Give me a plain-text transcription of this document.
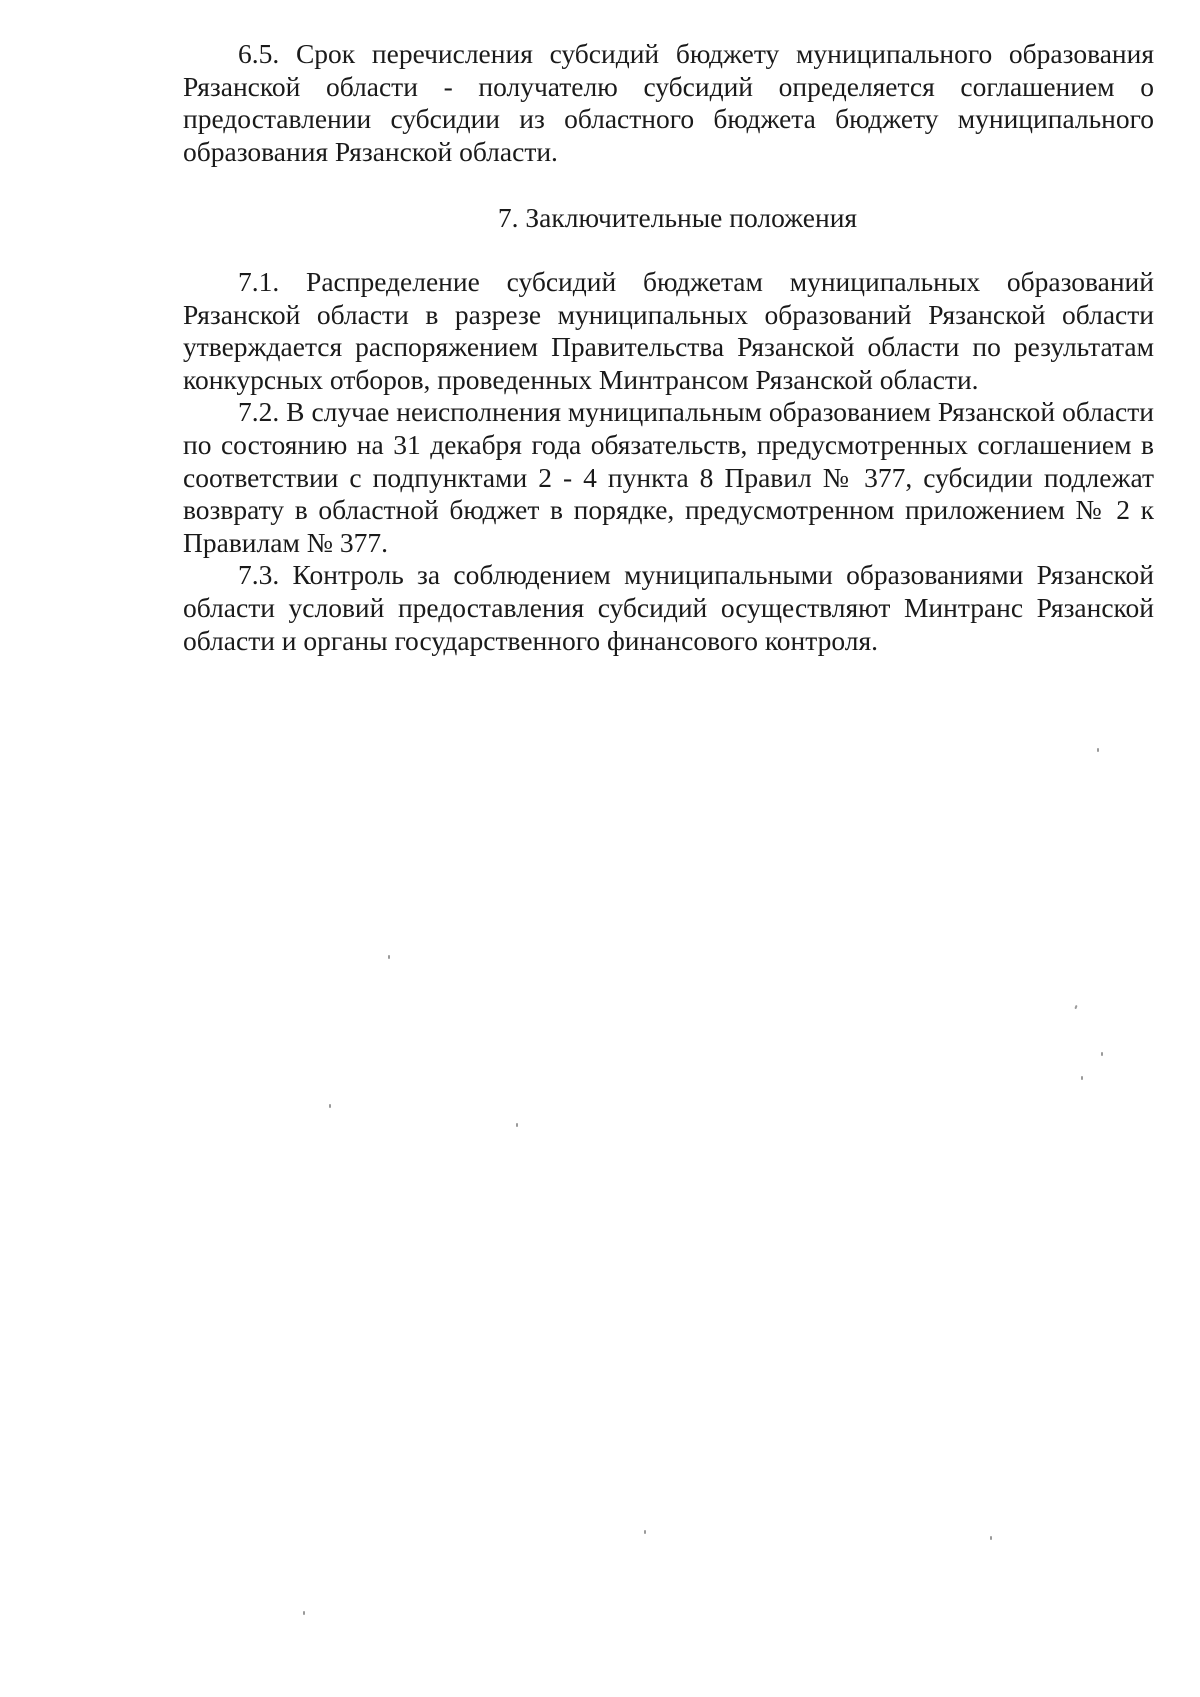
6.5. Срок перечисления субсидий бюджету муниципального образования Рязанской области - получателю субсидий определяется соглашением о предоставлении субсидии из областного бюджета бюджету муниципального образования Рязанской области.

7. Заключительные положения

7.1. Распределение субсидий бюджетам муниципальных образований Рязанской области в разрезе муниципальных образований Рязанской области утверждается распоряжением Правительства Рязанской области по результатам конкурсных отборов, проведенных Минтрансом Рязанской области.

7.2. В случае неисполнения муниципальным образованием Рязанской области по состоянию на 31 декабря года обязательств, предусмотренных соглашением в соответствии с подпунктами 2 - 4 пункта 8 Правил № 377, субсидии подлежат возврату в областной бюджет в порядке, предусмотренном приложением № 2 к Правилам № 377.

7.3. Контроль за соблюдением муниципальными образованиями Рязанской области условий предоставления субсидий осуществляют Минтранс Рязанской области и органы государственного финансового контроля.
